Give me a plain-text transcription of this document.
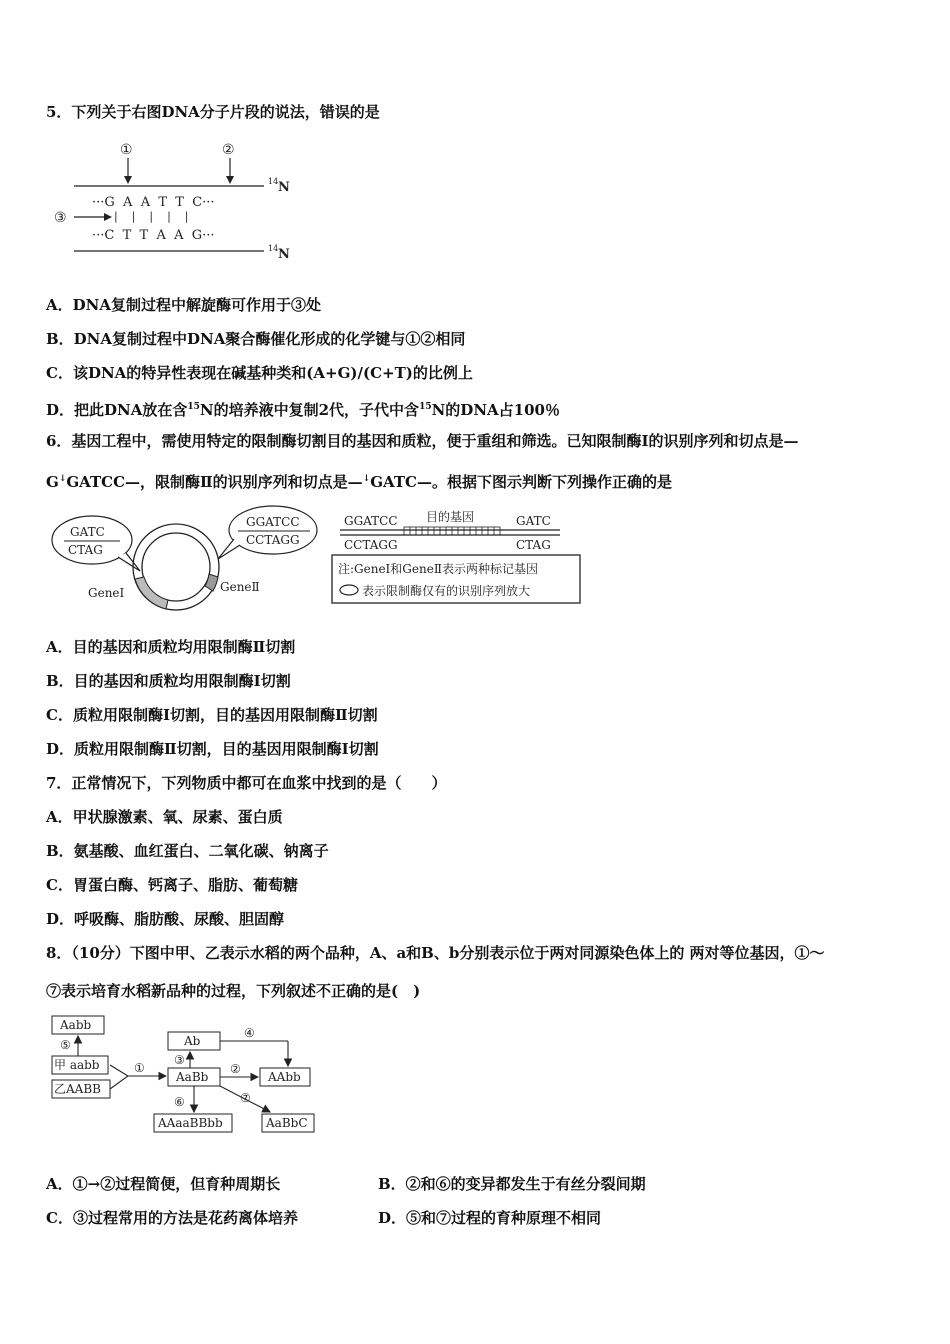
5．下列关于右图DNA分子片段的说法，错误的是
①	②
N
14
···G  A  A  T  T  C···
|    |    |    |    |
···C  T  T  A  A  G···
③
N
14
A．DNA复制过程中解旋酶可作用于③处
B．DNA复制过程中DNA聚合酶催化形成的化学键与①②相同
C．该DNA的特异性表现在碱基种类和(A+G)/(C+T)的比例上
D．把此DNA放在含$^{15}$N的培养液中复制2代，子代中含$^{15}$N的DNA占100％
6．基因工程中，需使用特定的限制酶切割目的基因和质粒，便于重组和筛选。已知限制酶Ⅰ的识别序列和切点是—
G↓GATCC—，限制酶Ⅱ的识别序列和切点是—↓GATC—。根据下图示判断下列操作正确的是
GATC
CTAG
GeneⅠ	GeneⅡ
GGATCC
CCTAGG
GGATCC 目的基因	GATC
CCTAGG	CTAG
注:GeneⅠ和GeneⅡ表示两种标记基因
表示限制酶仅有的识别序列放大
A．目的基因和质粒均用限制酶Ⅱ切割
B．目的基因和质粒均用限制酶Ⅰ切割
C．质粒用限制酶Ⅰ切割，目的基因用限制酶Ⅱ切割
D．质粒用限制酶Ⅱ切割，目的基因用限制酶Ⅰ切割
7．正常情况下，下列物质中都可在血浆中找到的是（　　）
A．甲状腺激素、氧、尿素、蛋白质
B．氨基酸、血红蛋白、二氧化碳、钠离子
C．胃蛋白酶、钙离子、脂肪、葡萄糖
D．呼吸酶、脂肪酸、尿酸、胆固醇
8．（10分）下图中甲、乙表示水稻的两个品种，A、a和B、b分别表示位于两对同源染色体上的 两对等位基因，①～
⑦表示培育水稻新品种的过程，下列叙述不正确的是(　)
Aabb
⑤
甲 aabb
乙AABB
①
Ab
③
AaBb
④
②
AAbb
⑥
AAaaBBbb
⑦
AaBbC
A．①→②过程简便，但育种周期长	B．②和⑥的变异都发生于有丝分裂间期
C．③过程常用的方法是花药离体培养	D．⑤和⑦过程的育种原理不相同
